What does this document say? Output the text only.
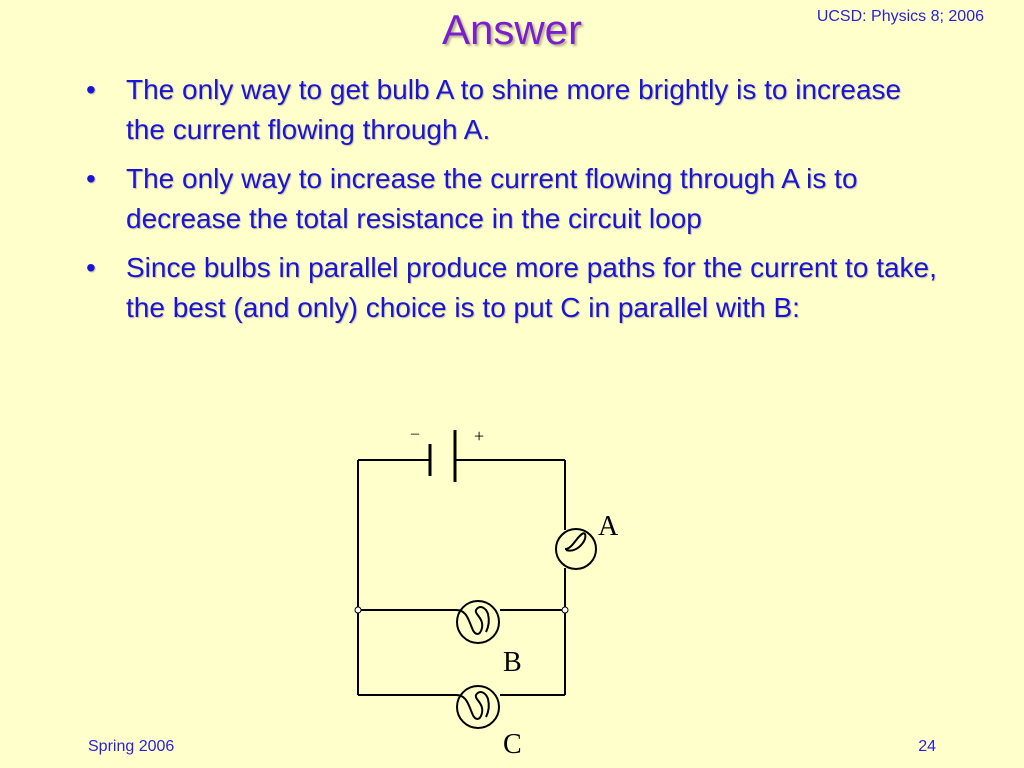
UCSD: Physics 8; 2006
Answer
• The only way to get bulb A to shine more brightly is to increase the current flowing through A.
• The only way to increase the current flowing through A is to decrease the total resistance in the circuit loop
• Since bulbs in parallel produce more paths for the current to take, the best (and only) choice is to put C in parallel with B:
–	+
A
B
C
Spring 2006	24
